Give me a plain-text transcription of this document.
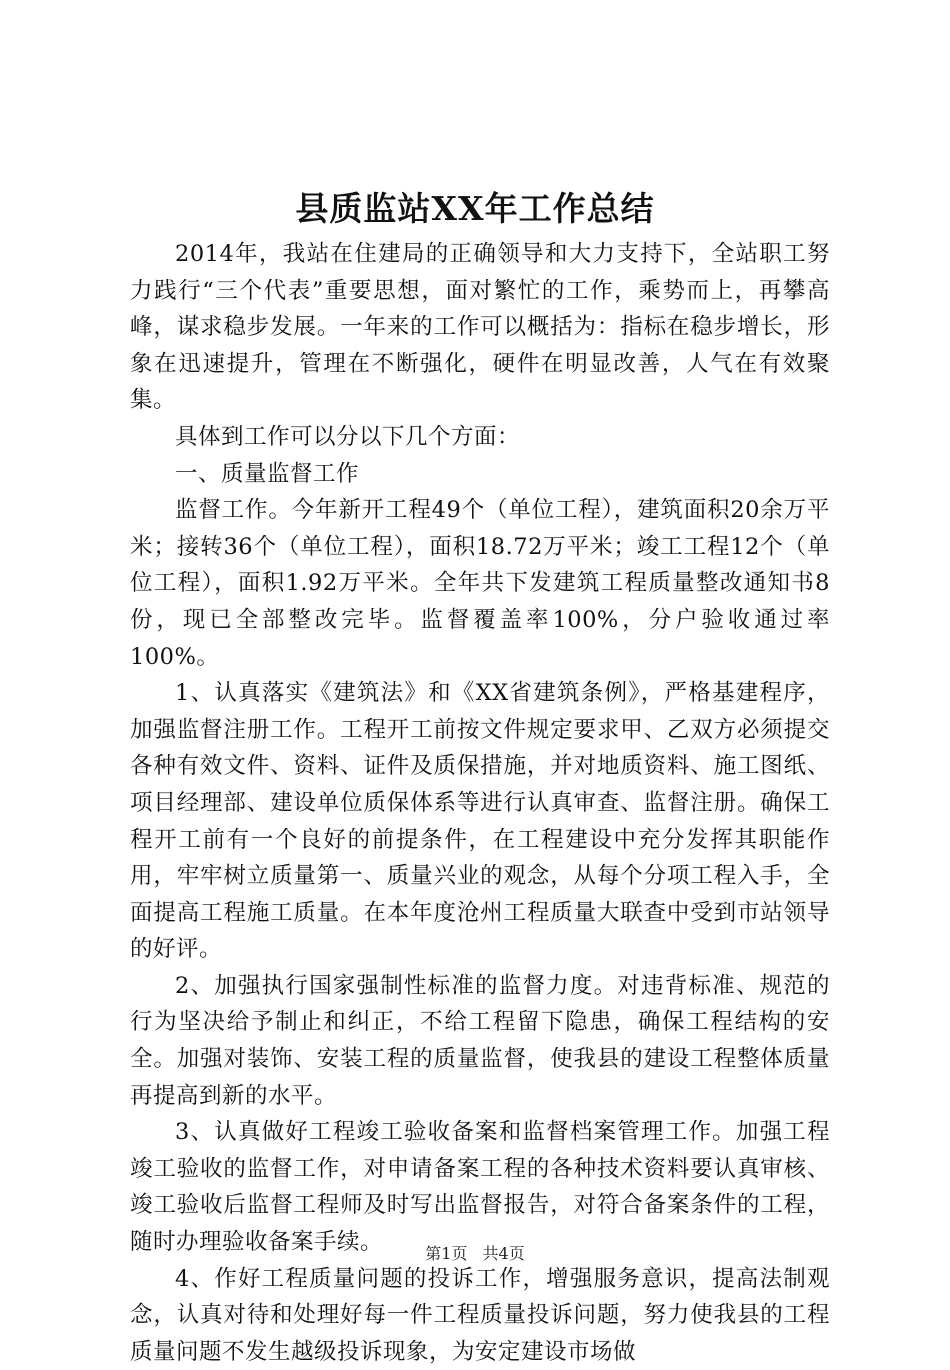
县质监站XX年工作总结

2014年，我站在住建局的正确领导和大力支持下，全站职工努力践行“三个代表”重要思想，面对繁忙的工作，乘势而上，再攀高峰，谋求稳步发展。一年来的工作可以概括为：指标在稳步增长，形象在迅速提升，管理在不断强化，硬件在明显改善，人气在有效聚集。

具体到工作可以分以下几个方面：

一、质量监督工作

监督工作。今年新开工程49个（单位工程），建筑面积20余万平米；接转36个（单位工程），面积18.72万平米；竣工工程12个（单位工程），面积1.92万平米。全年共下发建筑工程质量整改通知书8份，现已全部整改完毕。监督覆盖率100%，分户验收通过率100%。

1、认真落实《建筑法》和《XX省建筑条例》，严格基建程序，加强监督注册工作。工程开工前按文件规定要求甲、乙双方必须提交各种有效文件、资料、证件及质保措施，并对地质资料、施工图纸、项目经理部、建设单位质保体系等进行认真审查、监督注册。确保工程开工前有一个良好的前提条件，在工程建设中充分发挥其职能作用，牢牢树立质量第一、质量兴业的观念，从每个分项工程入手，全面提高工程施工质量。在本年度沧州工程质量大联查中受到市站领导的好评。

2、加强执行国家强制性标准的监督力度。对违背标准、规范的行为坚决给予制止和纠正，不给工程留下隐患，确保工程结构的安全。加强对装饰、安装工程的质量监督，使我县的建设工程整体质量再提高到新的水平。

3、认真做好工程竣工验收备案和监督档案管理工作。加强工程竣工验收的监督工作，对申请备案工程的各种技术资料要认真审核、竣工验收后监督工程师及时写出监督报告，对符合备案条件的工程，随时办理验收备案手续。

4、作好工程质量问题的投诉工作，增强服务意识，提高法制观念，认真对待和处理好每一件工程质量投诉问题，努力使我县的工程质量问题不发生越级投诉现象，为安定建设市场做

第1页 共4页
